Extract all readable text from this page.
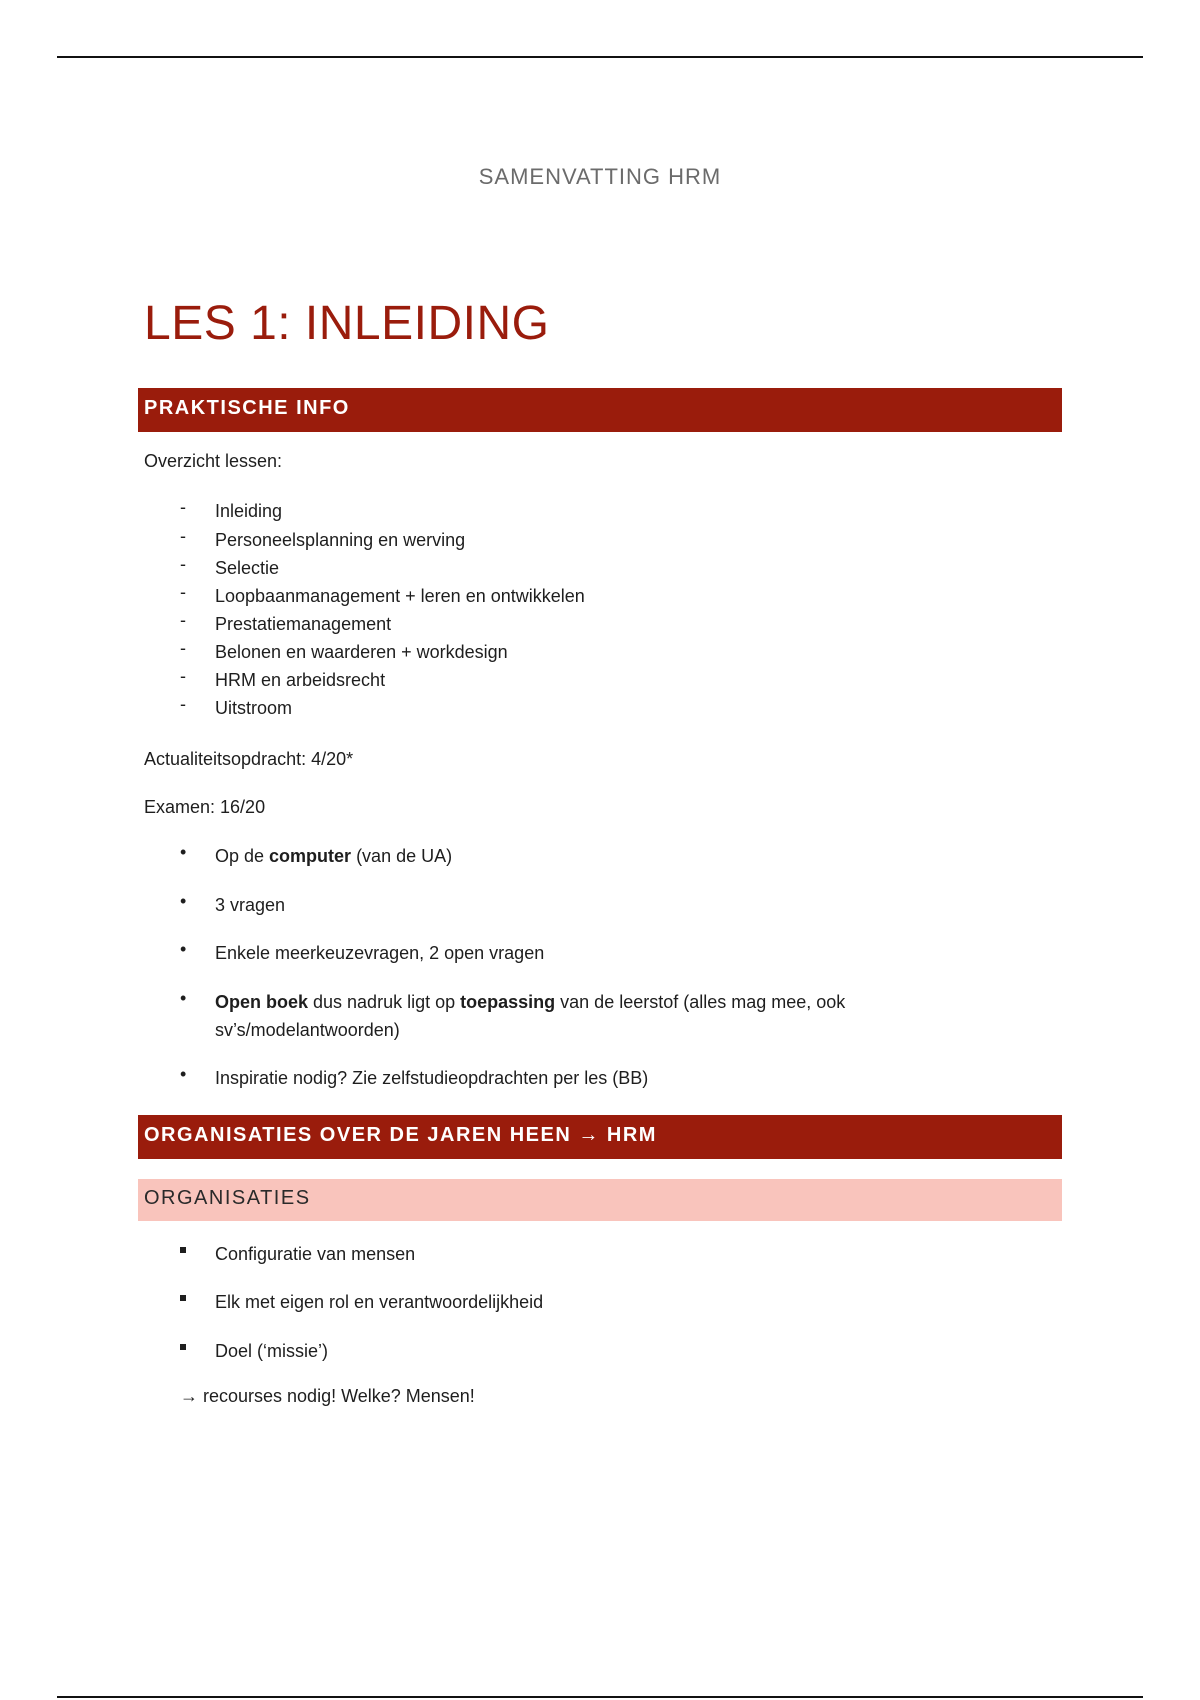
SAMENVATTING HRM
LES 1: INLEIDING
PRAKTISCHE INFO
Overzicht lessen:
-	Inleiding
-	Personeelsplanning en werving
-	Selectie
-	Loopbaanmanagement + leren en ontwikkelen
-	Prestatiemanagement
-	Belonen en waarderen + workdesign
-	HRM en arbeidsrecht
-	Uitstroom
Actualiteitsopdracht: 4/20*
Examen: 16/20
•	Op de computer (van de UA)
•	3 vragen
•	Enkele meerkeuzevragen, 2 open vragen
•	Open boek dus nadruk ligt op toepassing van de leerstof (alles mag mee, ook sv’s/modelantwoorden)
•	Inspiratie nodig? Zie zelfstudieopdrachten per les (BB)
ORGANISATIES OVER DE JAREN HEEN → HRM
ORGANISATIES
Configuratie van mensen
Elk met eigen rol en verantwoordelijkheid
Doel (‘missie’)
→ recourses nodig! Welke? Mensen!
